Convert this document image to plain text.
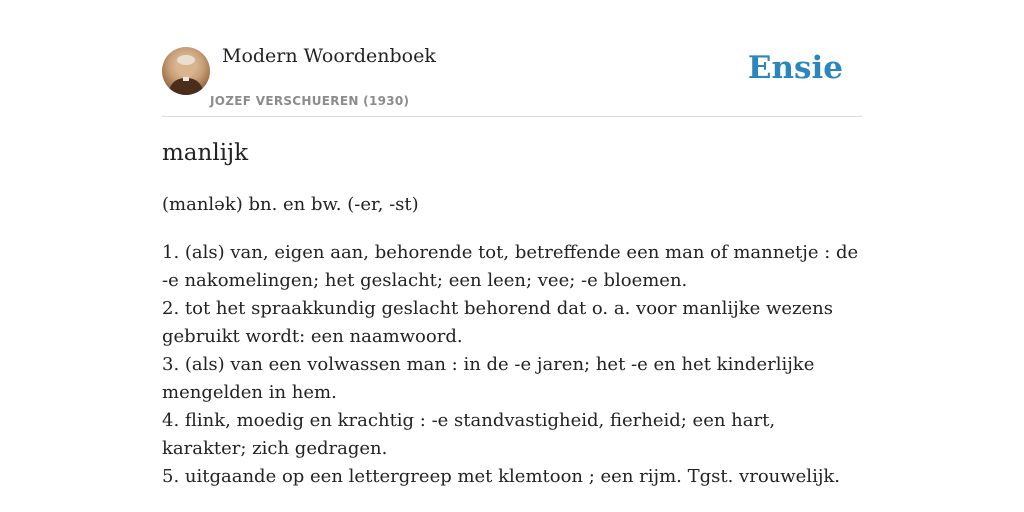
Modern Woordenboek
JOZEF VERSCHUEREN (1930)
Ensie
manlijk
(manlək) bn. en bw. (-er, -st)

1. (als) van, eigen aan, behorende tot, betreffende een man of mannetje : de -e nakomelingen; het geslacht; een leen; vee; -e bloemen.

2. tot het spraakkundig geslacht behorend dat o. a. voor manlijke wezens gebruikt wordt: een naamwoord.

3. (als) van een volwassen man : in de -e jaren; het -e en het kinderlijke mengelden in hem.

4. flink, moedig en krachtig : -e standvastigheid, fierheid; een hart, karakter; zich gedragen.

5. uitgaande op een lettergreep met klemtoon ; een rijm. Tgst. vrouwelijk.
